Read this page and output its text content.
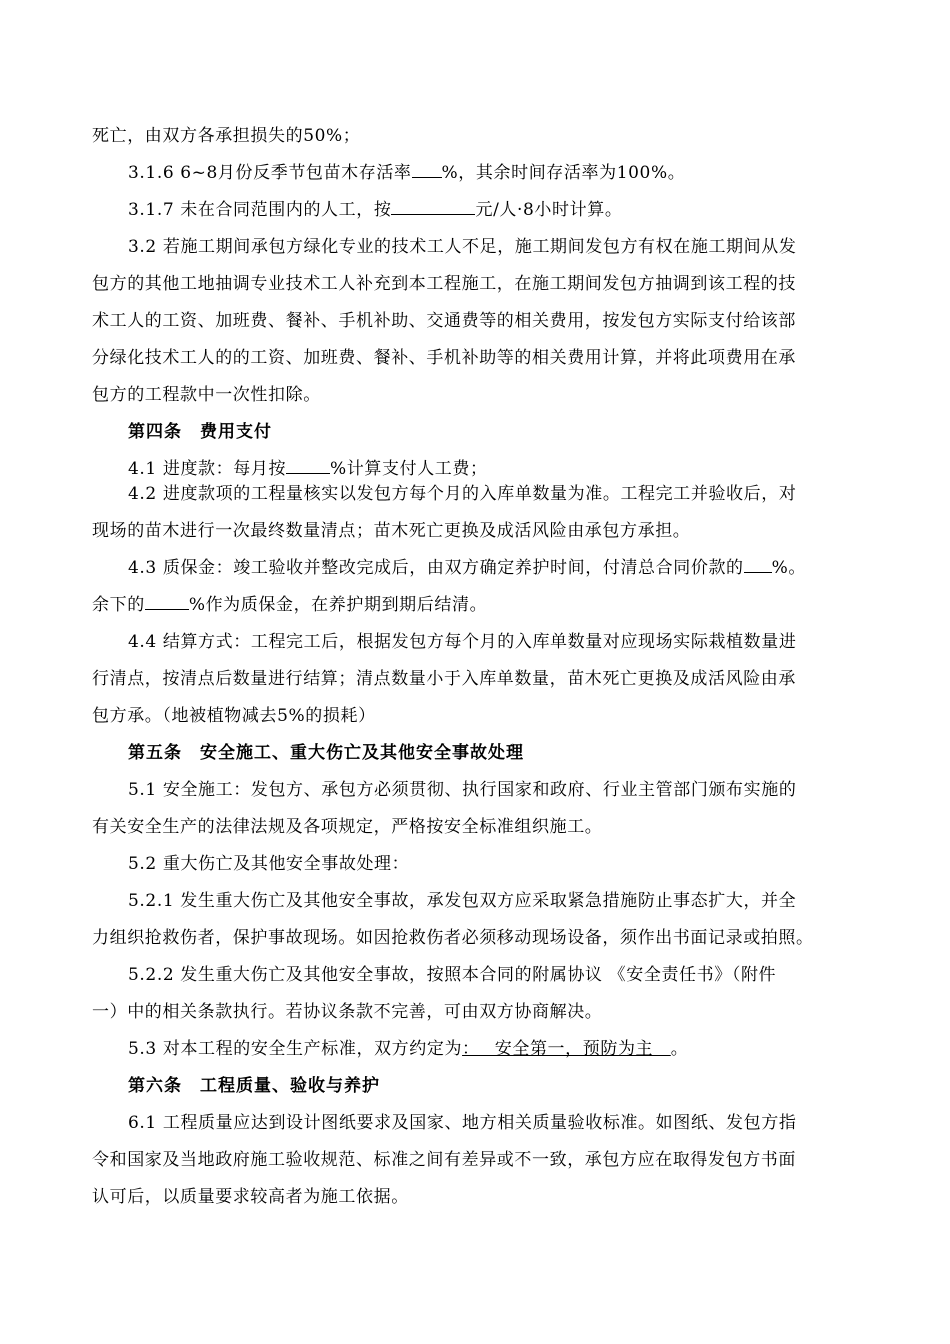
死亡，由双方各承担损失的50%；
3.1.6 6~8月份反季节包苗木存活率 %，其余时间存活率为100%。
3.1.7 未在合同范围内的人工，按	元/人·8小时计算。
3.2 若施工期间承包方绿化专业的技术工人不足，施工期间发包方有权在施工期间从发
包方的其他工地抽调专业技术工人补充到本工程施工，在施工期间发包方抽调到该工程的技
术工人的工资、加班费、餐补、手机补助、交通费等的相关费用，按发包方实际支付给该部
分绿化技术工人的的工资、加班费、餐补、手机补助等的相关费用计算，并将此项费用在承
包方的工程款中一次性扣除。
第四条　费用支付
4.1 进度款：每月按	%计算支付人工费；
4.2 进度款项的工程量核实以发包方每个月的入库单数量为准。工程完工并验收后，对
现场的苗木进行一次最终数量清点；苗木死亡更换及成活风险由承包方承担。
4.3 质保金：竣工验收并整改完成后，由双方确定养护时间，付清总合同价款的 %。
余下的	%作为质保金，在养护期到期后结清。
4.4 结算方式：工程完工后，根据发包方每个月的入库单数量对应现场实际栽植数量进
行清点，按清点后数量进行结算；清点数量小于入库单数量，苗木死亡更换及成活风险由承
包方承。（地被植物减去5%的损耗）
第五条　安全施工、重大伤亡及其他安全事故处理
5.1 安全施工：发包方、承包方必须贯彻、执行国家和政府、行业主管部门颁布实施的
有关安全生产的法律法规及各项规定，严格按安全标准组织施工。
5.2 重大伤亡及其他安全事故处理：
5.2.1 发生重大伤亡及其他安全事故，承发包双方应采取紧急措施防止事态扩大，并全
力组织抢救伤者，保护事故现场。如因抢救伤者必须移动现场设备，须作出书面记录或拍照。
5.2.2 发生重大伤亡及其他安全事故，按照本合同的附属协议 《安全责任书》（附件
一）中的相关条款执行。若协议条款不完善，可由双方协商解决。
5.3 对本工程的安全生产标准，双方约定为：　 安全第一，预防为主　。
第六条　工程质量、验收与养护
6.1 工程质量应达到设计图纸要求及国家、地方相关质量验收标准。如图纸、发包方指
令和国家及当地政府施工验收规范、标准之间有差异或不一致，承包方应在取得发包方书面
认可后，以质量要求较高者为施工依据。
